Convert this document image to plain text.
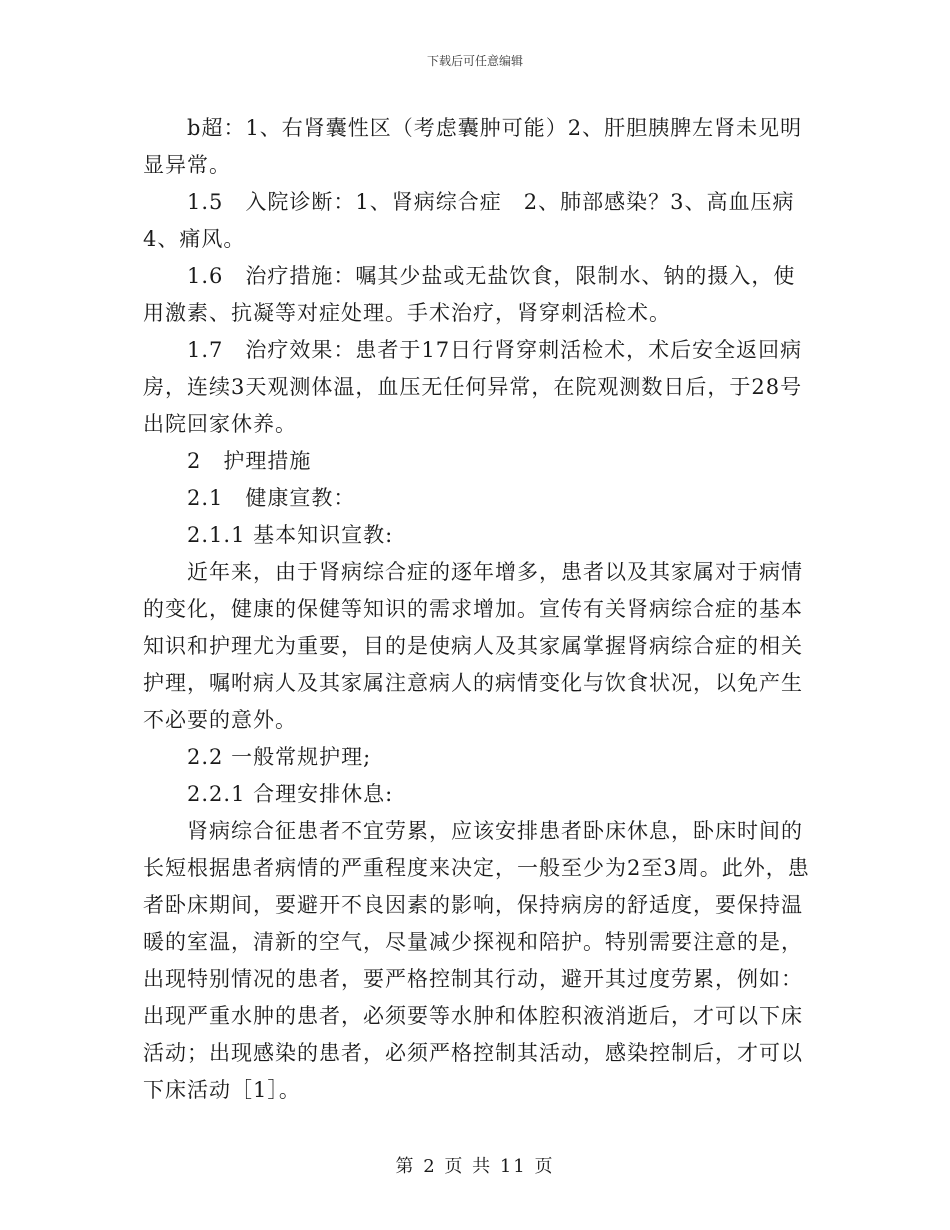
下载后可任意编辑

b超：1、右肾囊性区（考虑囊肿可能）2、肝胆胰脾左肾未见明显异常。

1.5　入院诊断：1、肾病综合症　2、肺部感染？3、高血压病 4、痛风。

1.6　治疗措施：嘱其少盐或无盐饮食，限制水、钠的摄入，使用激素、抗凝等对症处理。手术治疗，肾穿刺活检术。

1.7　治疗效果：患者于17日行肾穿刺活检术，术后安全返回病房，连续3天观测体温，血压无任何异常，在院观测数日后，于28号出院回家休养。

2　护理措施

2.1　健康宣教：

2.1.1 基本知识宣教:

近年来，由于肾病综合症的逐年增多，患者以及其家属对于病情的变化，健康的保健等知识的需求增加。宣传有关肾病综合症的基本知识和护理尤为重要，目的是使病人及其家属掌握肾病综合症的相关护理，嘱咐病人及其家属注意病人的病情变化与饮食状况，以免产生不必要的意外。

2.2 一般常规护理;

2.2.1 合理安排休息:

肾病综合征患者不宜劳累，应该安排患者卧床休息，卧床时间的长短根据患者病情的严重程度来决定，一般至少为2至3周。此外，患者卧床期间，要避开不良因素的影响，保持病房的舒适度，要保持温暖的室温，清新的空气，尽量减少探视和陪护。特别需要注意的是，出现特别情况的患者，要严格控制其行动，避开其过度劳累，例如：出现严重水肿的患者，必须要等水肿和体腔积液消逝后，才可以下床活动；出现感染的患者，必须严格控制其活动，感染控制后，才可以下床活动［1］。

第 2 页 共 11 页
